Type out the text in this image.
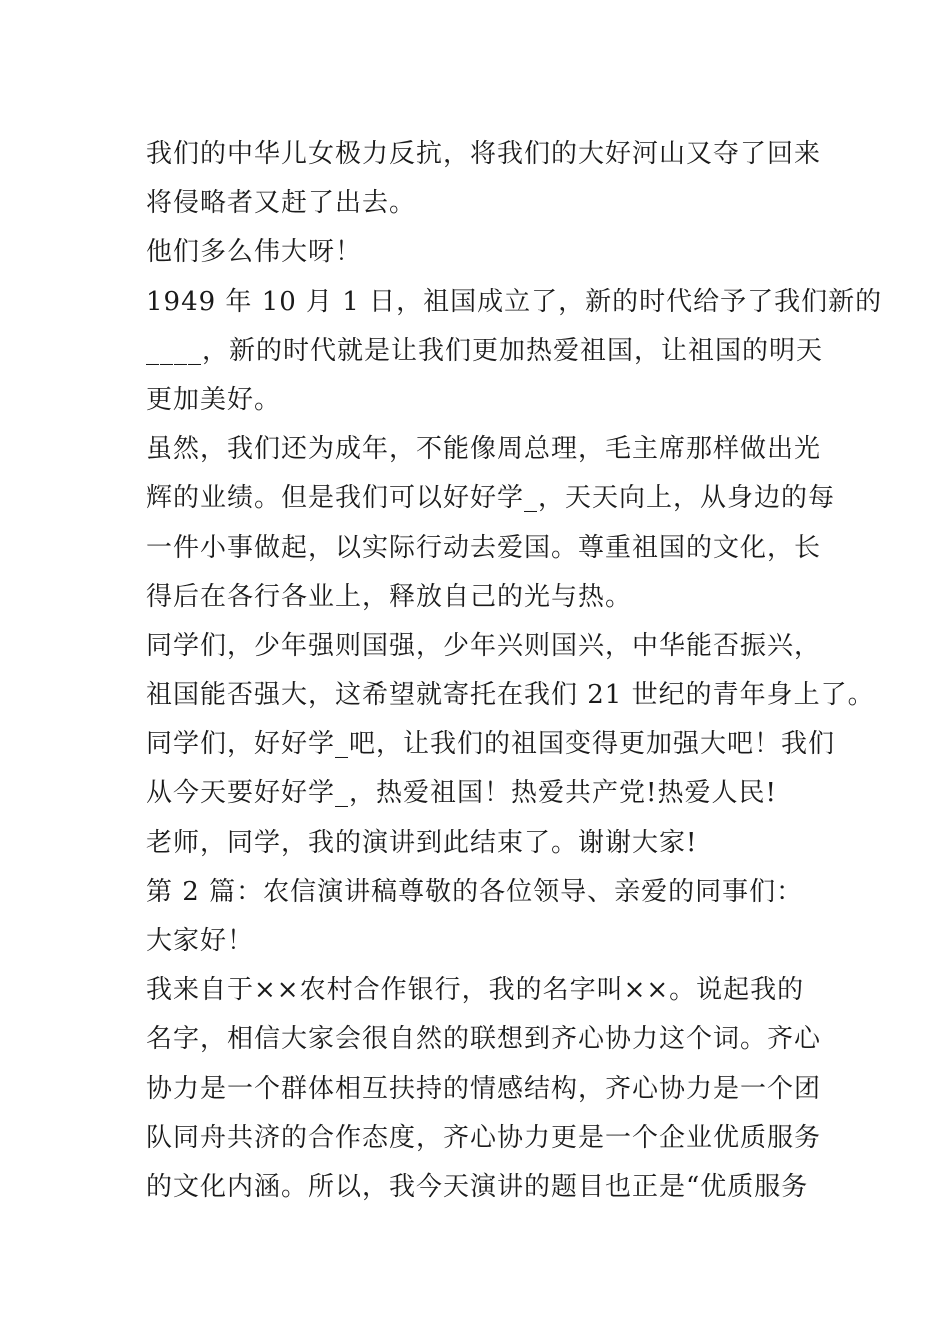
我们的中华儿女极力反抗，将我们的大好河山又夺了回来
将侵略者又赶了出去。
他们多么伟大呀！
1949 年 10 月 1 日，祖国成立了，新的时代给予了我们新的
____，新的时代就是让我们更加热爱祖国，让祖国的明天
更加美好。
虽然，我们还为成年，不能像周总理，毛主席那样做出光
辉的业绩。但是我们可以好好学_，天天向上，从身边的每
一件小事做起，以实际行动去爱国。尊重祖国的文化，长
得后在各行各业上，释放自己的光与热。
同学们，少年强则国强，少年兴则国兴，中华能否振兴，
祖国能否强大，这希望就寄托在我们 21 世纪的青年身上了。
同学们，好好学_吧，让我们的祖国变得更加强大吧！我们
从今天要好好学_，热爱祖国！热爱共产党!热爱人民!
老师，同学，我的演讲到此结束了。谢谢大家!
第 2 篇：农信演讲稿尊敬的各位领导、亲爱的同事们：
大家好！
我来自于××农村合作银行，我的名字叫××。说起我的
名字，相信大家会很自然的联想到齐心协力这个词。齐心
协力是一个群体相互扶持的情感结构，齐心协力是一个团
队同舟共济的合作态度，齐心协力更是一个企业优质服务
的文化内涵。所以，我今天演讲的题目也正是“优质服务
